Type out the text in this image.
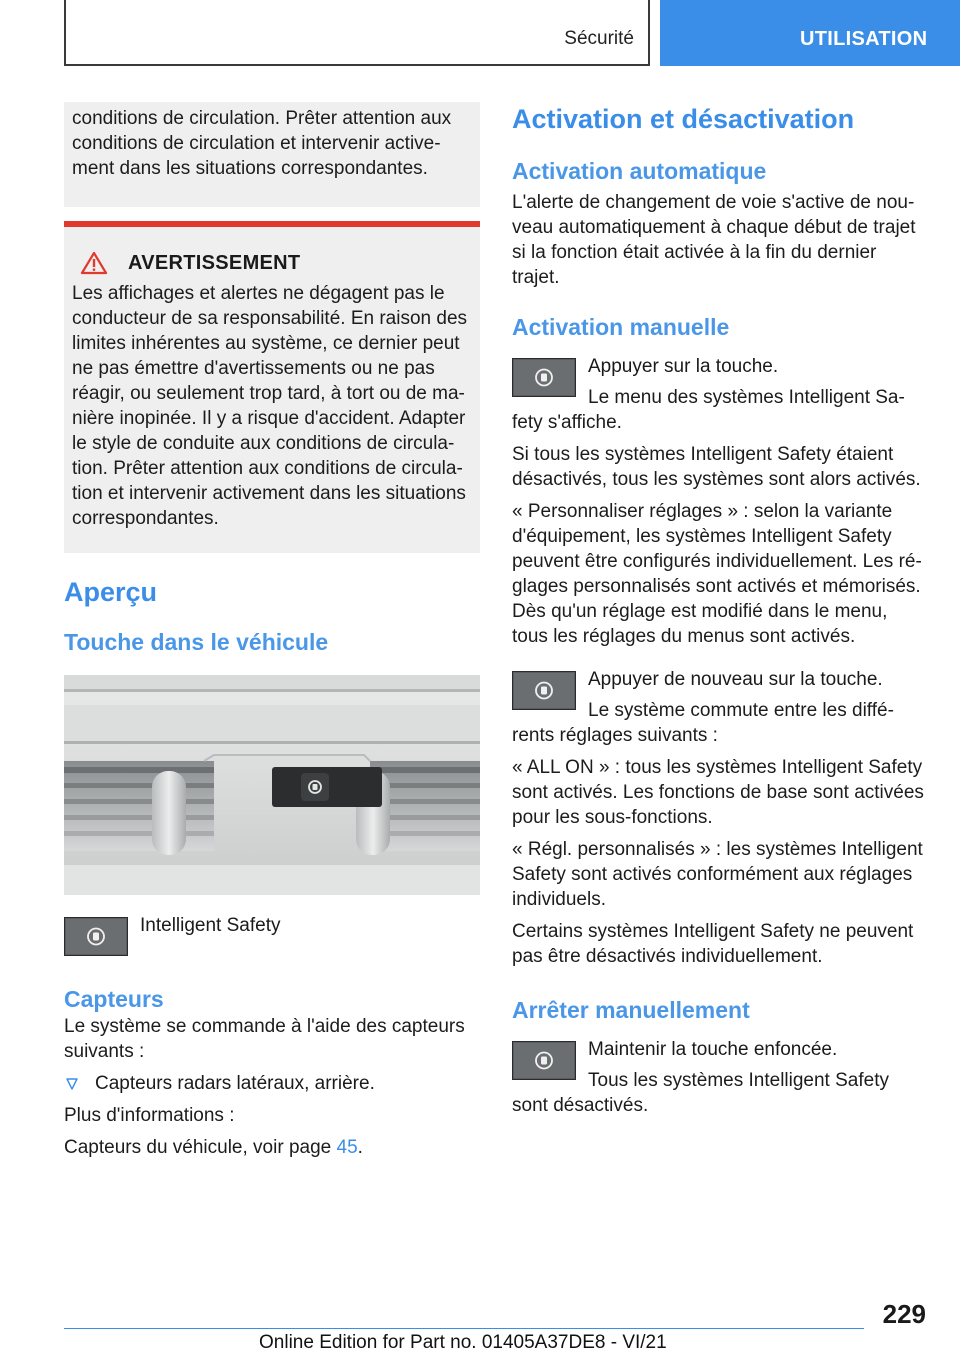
Sécurité	UTILISATION

conditions de circulation. Prêter attention aux conditions de circulation et intervenir active-ment dans les situations correspondantes.

AVERTISSEMENT

Les affichages et alertes ne dégagent pas le conducteur de sa responsabilité. En raison des limites inhérentes au système, ce dernier peut ne pas émettre d'avertissements ou ne pas réagir, ou seulement trop tard, à tort ou de ma-nière inopinée. Il y a risque d'accident. Adapter le style de conduite aux conditions de circula-tion. Prêter attention aux conditions de circula-tion et intervenir activement dans les situations correspondantes.

Aperçu
Touche dans le véhicule
Intelligent Safety
Capteurs

Le système se commande à l'aide des capteurs suivants :

Capteurs radars latéraux, arrière.

Plus d'informations :

Capteurs du véhicule, voir page 45.

Activation et désactivation
Activation automatique

L'alerte de changement de voie s'active de nou-veau automatiquement à chaque début de trajet si la fonction était activée à la fin du dernier trajet.

Activation manuelle
Appuyer sur la touche.

Le menu des systèmes Intelligent Sa-fety s'affiche.

Si tous les systèmes Intelligent Safety étaient désactivés, tous les systèmes sont alors activés.

« Personnaliser réglages » : selon la variante d'équipement, les systèmes Intelligent Safety peuvent être configurés individuellement. Les ré-glages personnalisés sont activés et mémorisés. Dès qu'un réglage est modifié dans le menu, tous les réglages du menus sont activés.

Appuyer de nouveau sur la touche.

Le système commute entre les diffé-rents réglages suivants :

« ALL ON » : tous les systèmes Intelligent Safety sont activés. Les fonctions de base sont activées pour les sous-fonctions.

« Régl. personnalisés » : les systèmes Intelligent Safety sont activés conformément aux réglages individuels.

Certains systèmes Intelligent Safety ne peuvent pas être désactivés individuellement.

Arrêter manuellement
Maintenir la touche enfoncée.

Tous les systèmes Intelligent Safety sont désactivés.

229
Online Edition for Part no. 01405A37DE8 - VI/21
